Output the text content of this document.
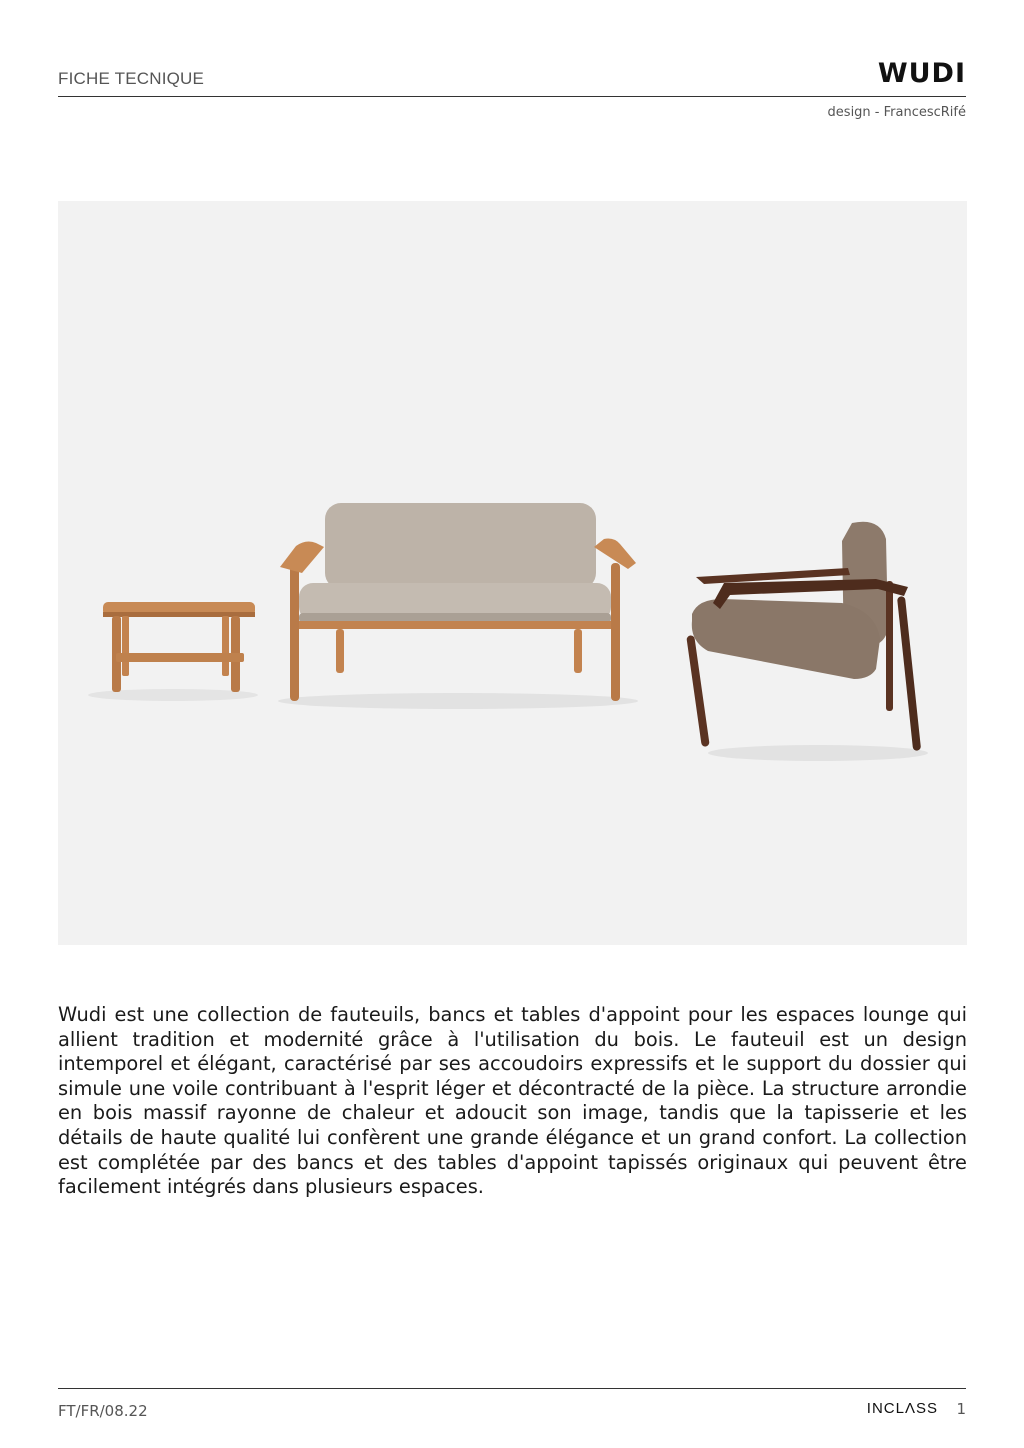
FICHE TECNIQUE	WUDI
design - FrancescRifé

Wudi est une collection de fauteuils, bancs et tables d'appoint pour les espaces lounge qui allient tradition et modernité grâce à l'utilisation du bois. Le fauteuil est un design intemporel et élégant, caractérisé par ses accoudoirs expressifs et le support du dossier qui simule une voile contribuant à l'esprit léger et décontracté de la pièce. La structure arrondie en bois massif rayonne de chaleur et adoucit son image, tandis que la tapisserie et les détails de haute qualité lui confèrent une grande élégance et un grand confort. La collection est complétée par des bancs et des tables d'appoint tapissés originaux qui peuvent être facilement intégrés dans plusieurs espaces.

FT/FR/08.22	INCLΛSS 1
